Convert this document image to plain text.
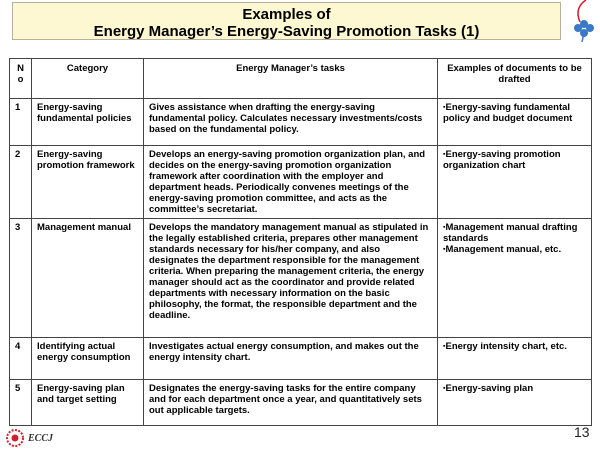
Examples of
Energy Manager’s Energy-Saving Promotion Tasks (1)
N o	Category	Energy Manager’s tasks	Examples of documents to be drafted
1	Energy-saving fundamental policies	Gives assistance when drafting the energy-saving fundamental policy. Calculates necessary investments/costs based on the fundamental policy.	▪Energy-saving fundamental policy and budget document

2	Energy-saving promotion framework	Develops an energy-saving promotion organization plan, and decides on the energy-saving promotion organization framework after coordination with the employer and department heads. Periodically convenes meetings of the energy-saving promotion committee, and acts as the committee’s secretariat.	▪Energy-saving promotion organization chart

3	Management manual	Develops the mandatory management manual as stipulated in the legally established criteria, prepares other management standards necessary for his/her company, and also designates the department responsible for the management criteria. When preparing the management criteria, the energy manager should act as the coordinator and provide related departments with necessary information on the basic philosophy, the format, the responsible department and the deadline.	▪Management manual drafting standards
▪Management manual, etc.

4	Identifying actual energy consumption	Investigates actual energy consumption, and makes out the energy intensity chart.	▪Energy intensity chart, etc.

5	Energy-saving plan and target setting	Designates the energy-saving tasks for the entire company and for each department once a year, and quantitatively sets out applicable targets.	▪Energy-saving plan
ECCJ	13
